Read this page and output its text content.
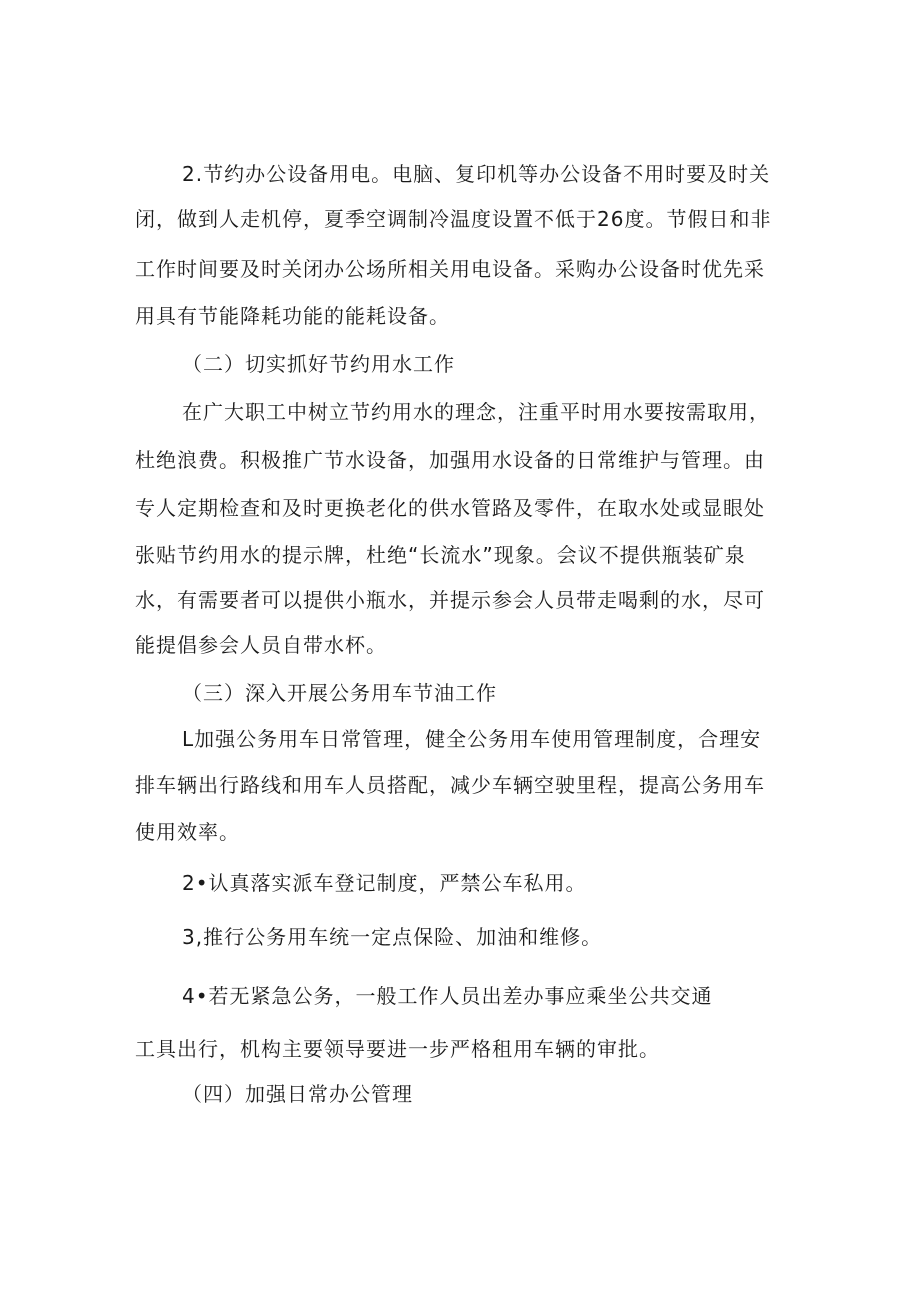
2.节约办公设备用电。电脑、复印机等办公设备不用时要及时关
闭，做到人走机停，夏季空调制冷温度设置不低于26度。节假日和非
工作时间要及时关闭办公场所相关用电设备。采购办公设备时优先采
用具有节能降耗功能的能耗设备。
（二）切实抓好节约用水工作
在广大职工中树立节约用水的理念，注重平时用水要按需取用，
杜绝浪费。积极推广节水设备，加强用水设备的日常维护与管理。由
专人定期检查和及时更换老化的供水管路及零件，在取水处或显眼处
张贴节约用水的提示牌，杜绝“长流水”现象。会议不提供瓶装矿泉
水，有需要者可以提供小瓶水，并提示参会人员带走喝剩的水，尽可
能提倡参会人员自带水杯。
（三）深入开展公务用车节油工作
L加强公务用车日常管理，健全公务用车使用管理制度，合理安
排车辆出行路线和用车人员搭配，减少车辆空驶里程，提高公务用车
使用效率。
2•认真落实派车登记制度，严禁公车私用。
3,推行公务用车统一定点保险、加油和维修。
4•若无紧急公务，一般工作人员出差办事应乘坐公共交通
工具出行，机构主要领导要进一步严格租用车辆的审批。
（四）加强日常办公管理
